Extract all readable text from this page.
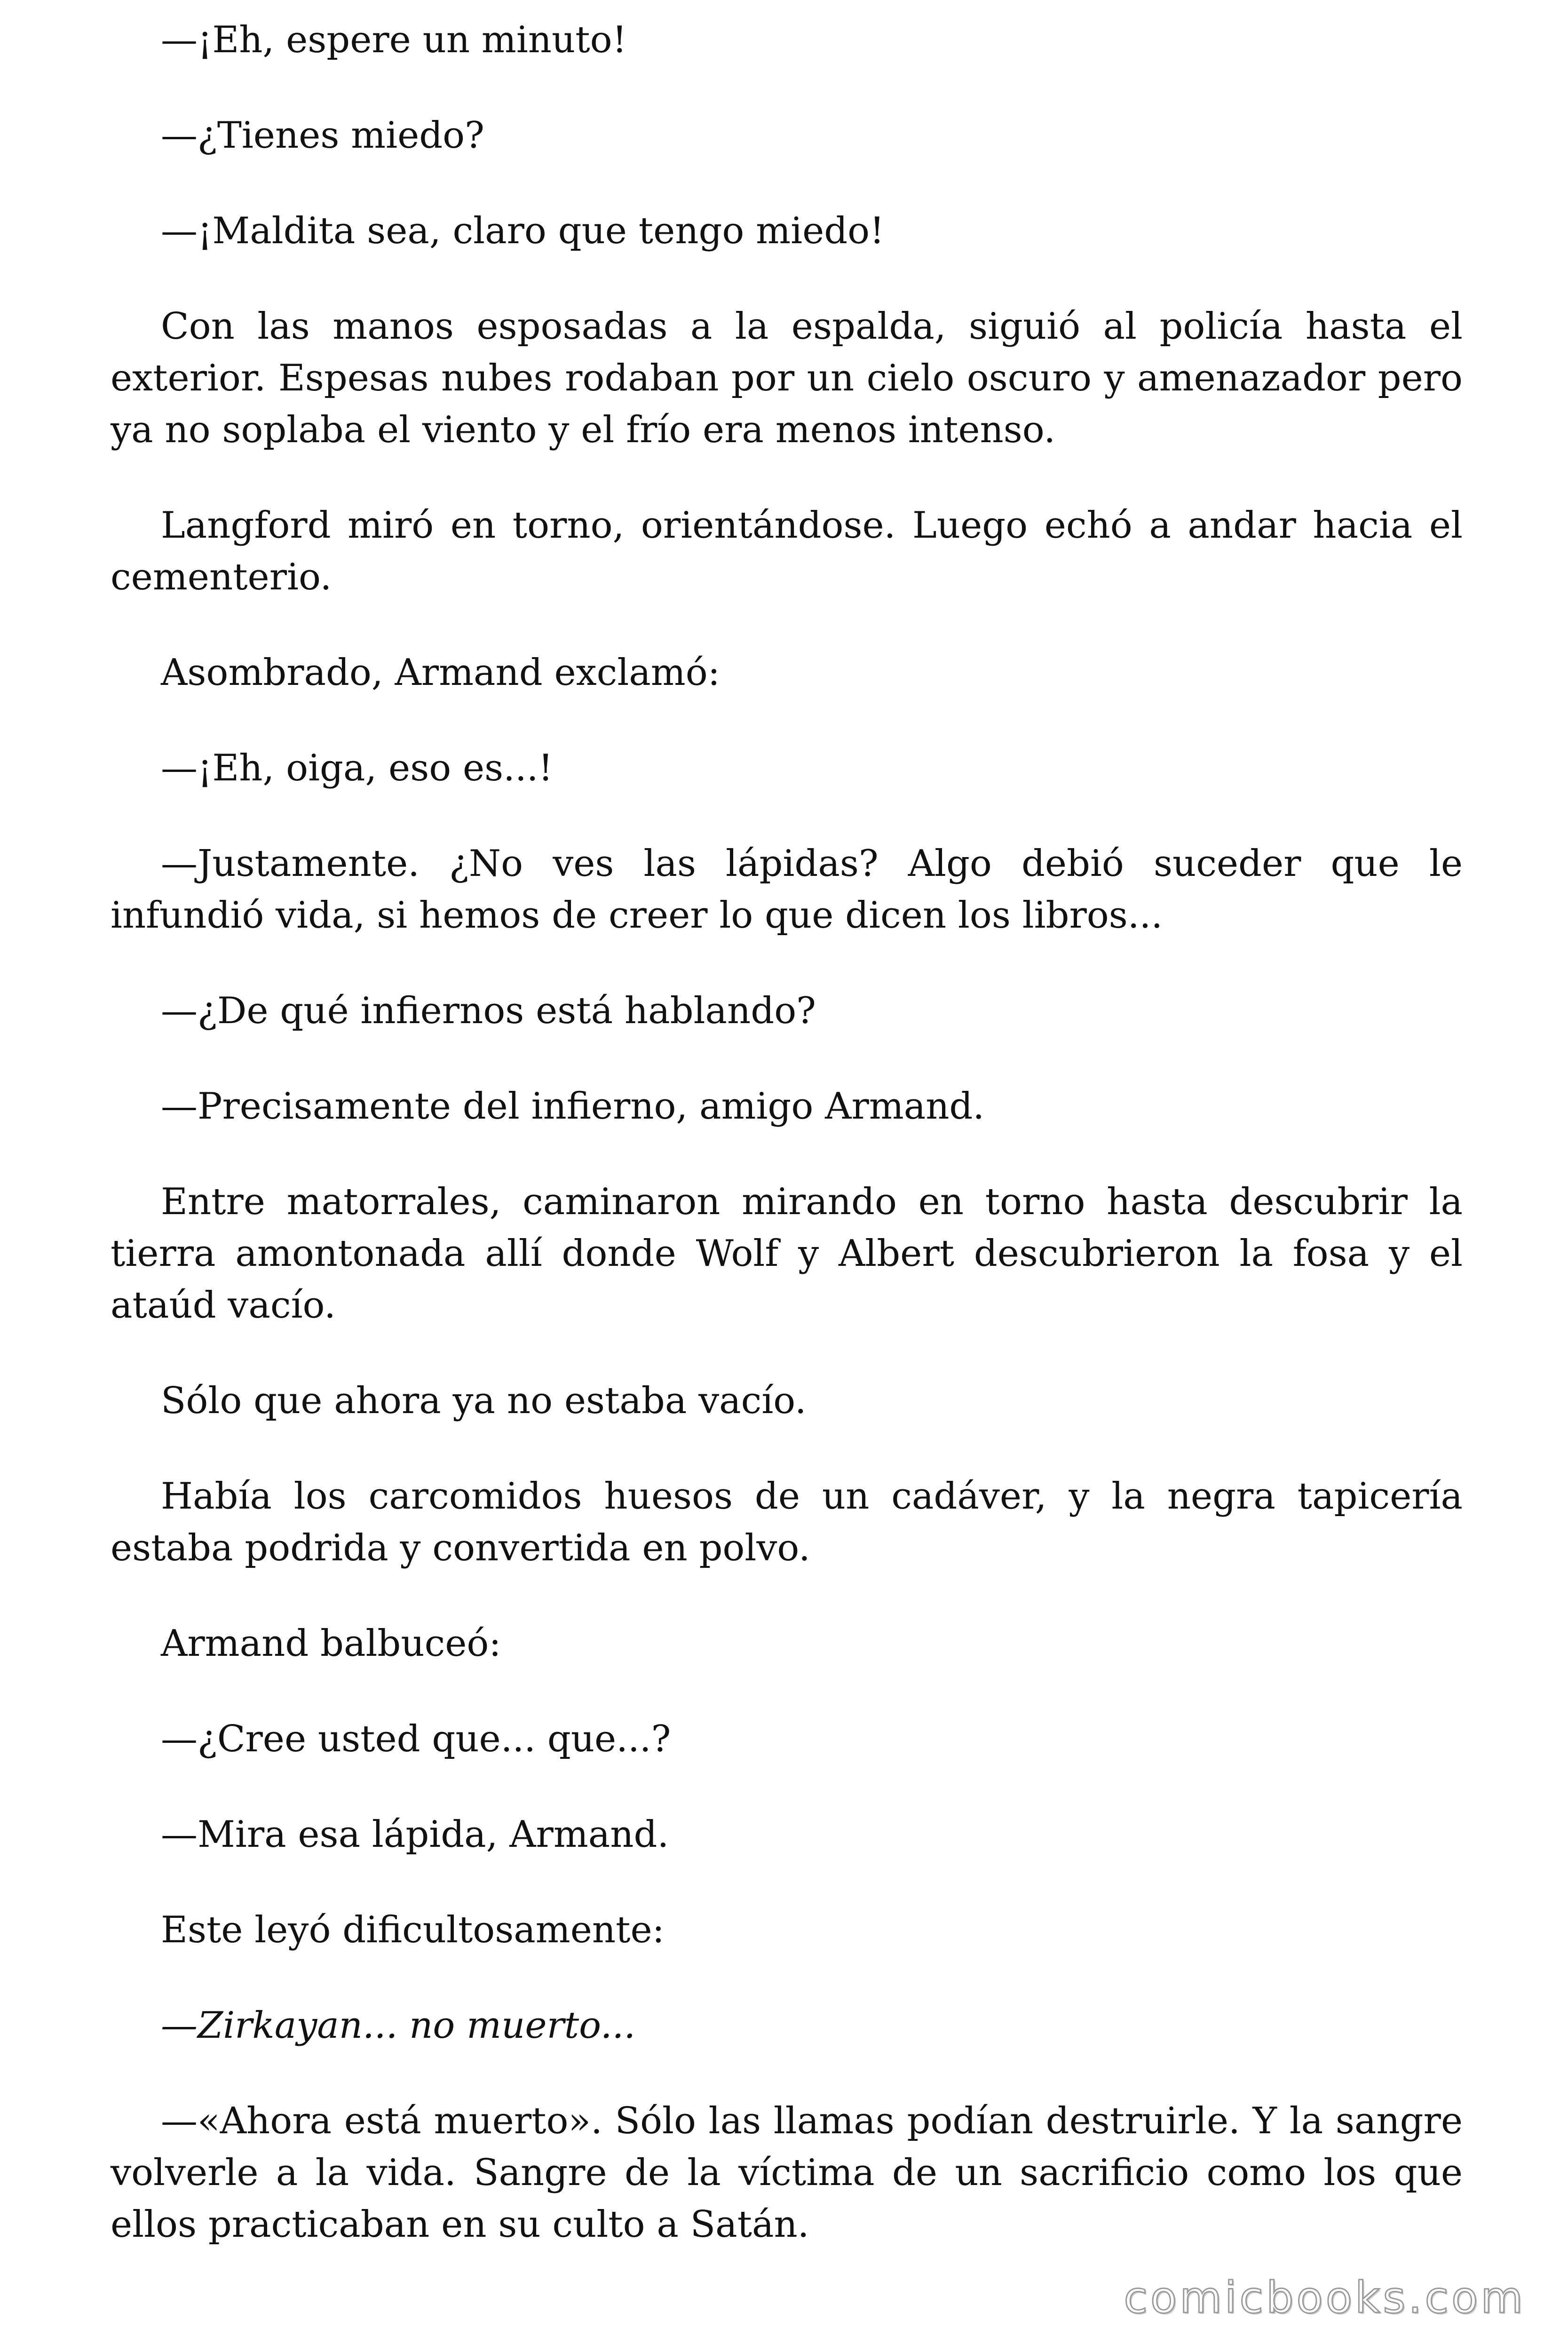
—¡Eh, espere un minuto!

—¿Tienes miedo?

—¡Maldita sea, claro que tengo miedo!

Con las manos esposadas a la espalda, siguió al policía hasta el exterior. Espesas nubes rodaban por un cielo oscuro y amenazador pero ya no soplaba el viento y el frío era menos intenso.

Langford miró en torno, orientándose. Luego echó a andar hacia el cementerio.

Asombrado, Armand exclamó:

—¡Eh, oiga, eso es...!

—Justamente. ¿No ves las lápidas? Algo debió suceder que le infundió vida, si hemos de creer lo que dicen los libros...

—¿De qué infiernos está hablando?

—Precisamente del infierno, amigo Armand.

Entre matorrales, caminaron mirando en torno hasta descubrir la tierra amontonada allí donde Wolf y Albert descubrieron la fosa y el ataúd vacío.

Sólo que ahora ya no estaba vacío.

Había los carcomidos huesos de un cadáver, y la negra tapicería estaba podrida y convertida en polvo.

Armand balbuceó:

—¿Cree usted que... que...?

—Mira esa lápida, Armand.

Este leyó dificultosamente:

—Zirkayan... no muerto...

—«Ahora está muerto». Sólo las llamas podían destruirle. Y la sangre volverle a la vida. Sangre de la víctima de un sacrificio como los que ellos practicaban en su culto a Satán.

comicbooks.com
